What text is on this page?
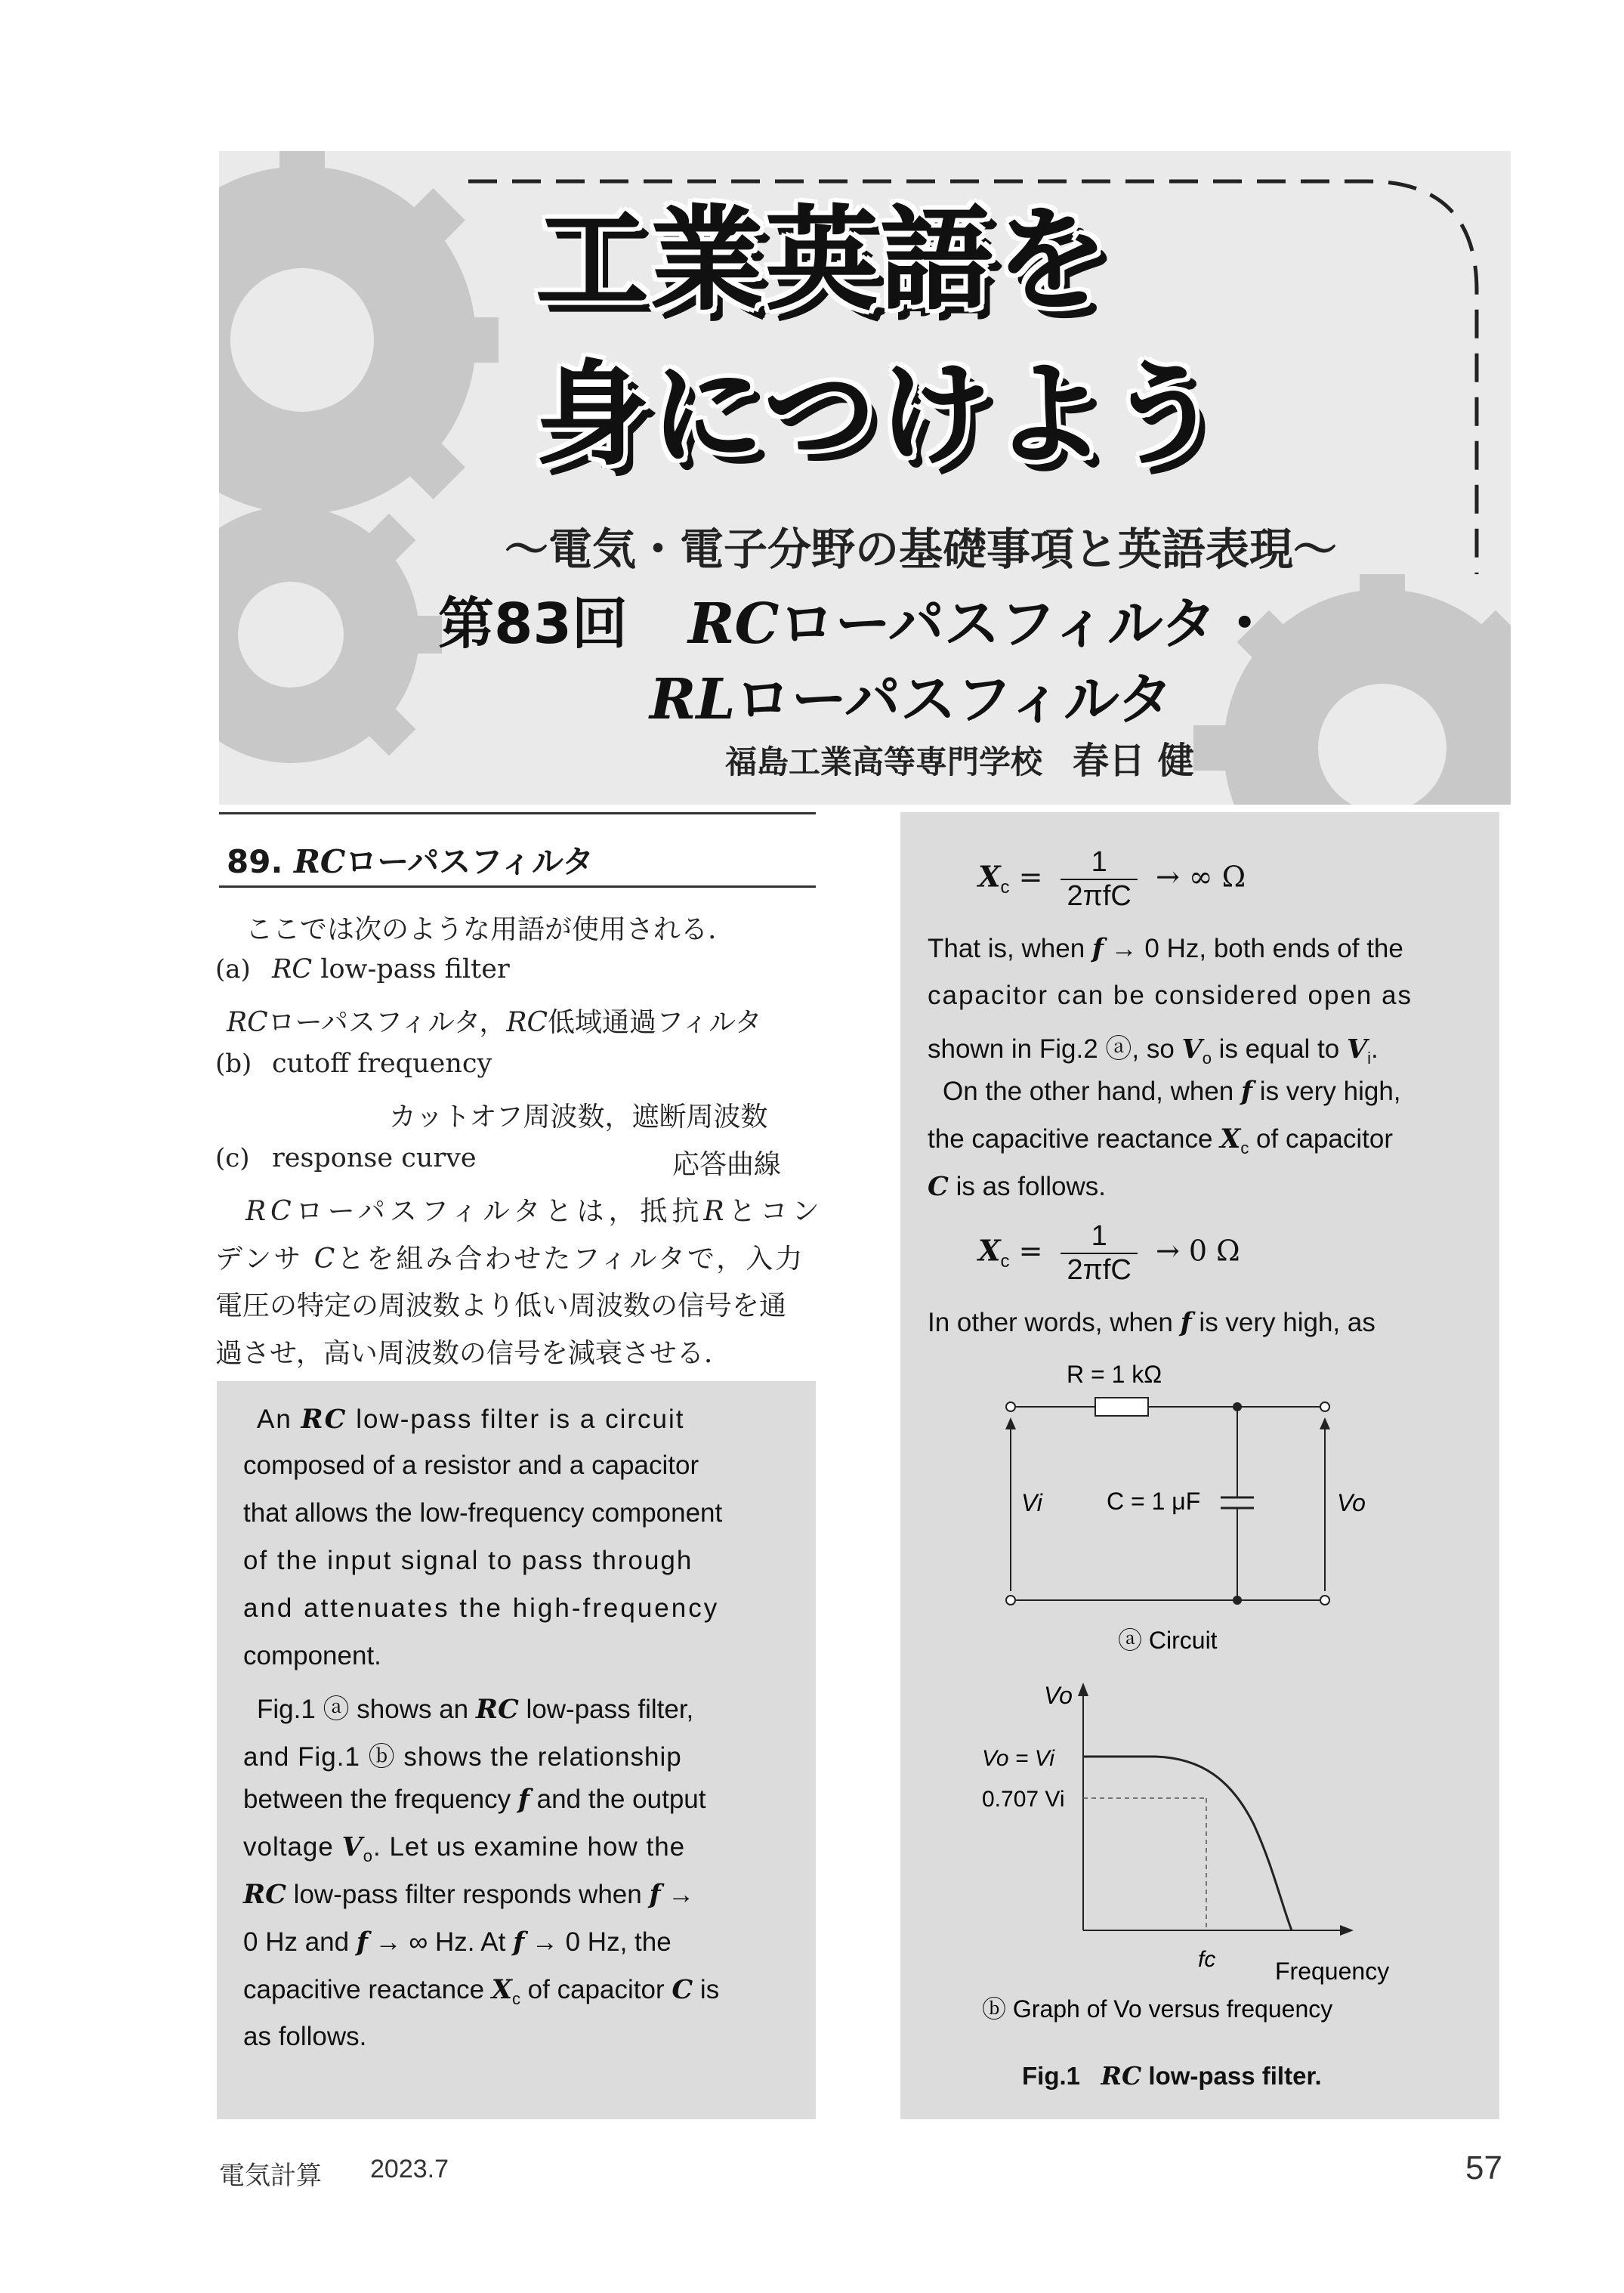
工業英語を
身につけよう
～電気・電子分野の基礎事項と英語表現～
第83回 RCローパスフィルタ・
RLローパスフィルタ
福島工業高等専門学校 春日 健
89. RCローパスフィルタ
ここでは次のような用語が使用される.
(a) RC low-pass filter
RCローパスフィルタ，RC低域通過フィルタ
(b) cutoff frequency
カットオフ周波数，遮断周波数
(c) response curve	応答曲線
RCローパスフィルタとは，抵抗Rとコン
デンサ Cとを組み合わせたフィルタで，入力
電圧の特定の周波数より低い周波数の信号を通
過させ，高い周波数の信号を減衰させる.
An RC low-pass filter is a circuit
composed of a resistor and a capacitor
that allows the low-frequency component
of the input signal to pass through
and attenuates the high-frequency
component.
Fig.1 ⓐ shows an RC low-pass filter,
and Fig.1 ⓑ shows the relationship
between the frequency f and the output
voltage $V_o$. Let us examine how the
RC low-pass filter responds when f →
0 Hz and f → ∞ Hz. At f → 0 Hz, the
capacitive reactance $X_c$ of capacitor C is
as follows.
$X_c = \frac{1}{\text{2πfC}}$ → ∞ Ω
That is, when f → 0 Hz, both ends of the
capacitor can be considered open as
shown in Fig.2 ⓐ, so $V_o$ is equal to $V_i$.
On the other hand, when f is very high,
the capacitive reactance $X_c$ of capacitor
C is as follows.
$X_c = \frac{1}{\text{2πfC}} \to 0$ Ω
In other words, when f is very high, as
R = 1 kΩ
C = 1 μF
Vi	Vo
ⓐ Circuit
Vo
Vo = Vi
0.707 Vi
fc Frequency
ⓑ Graph of Vo versus frequency
Fig.1 RC low-pass filter.
電気計算 2023.7	57
